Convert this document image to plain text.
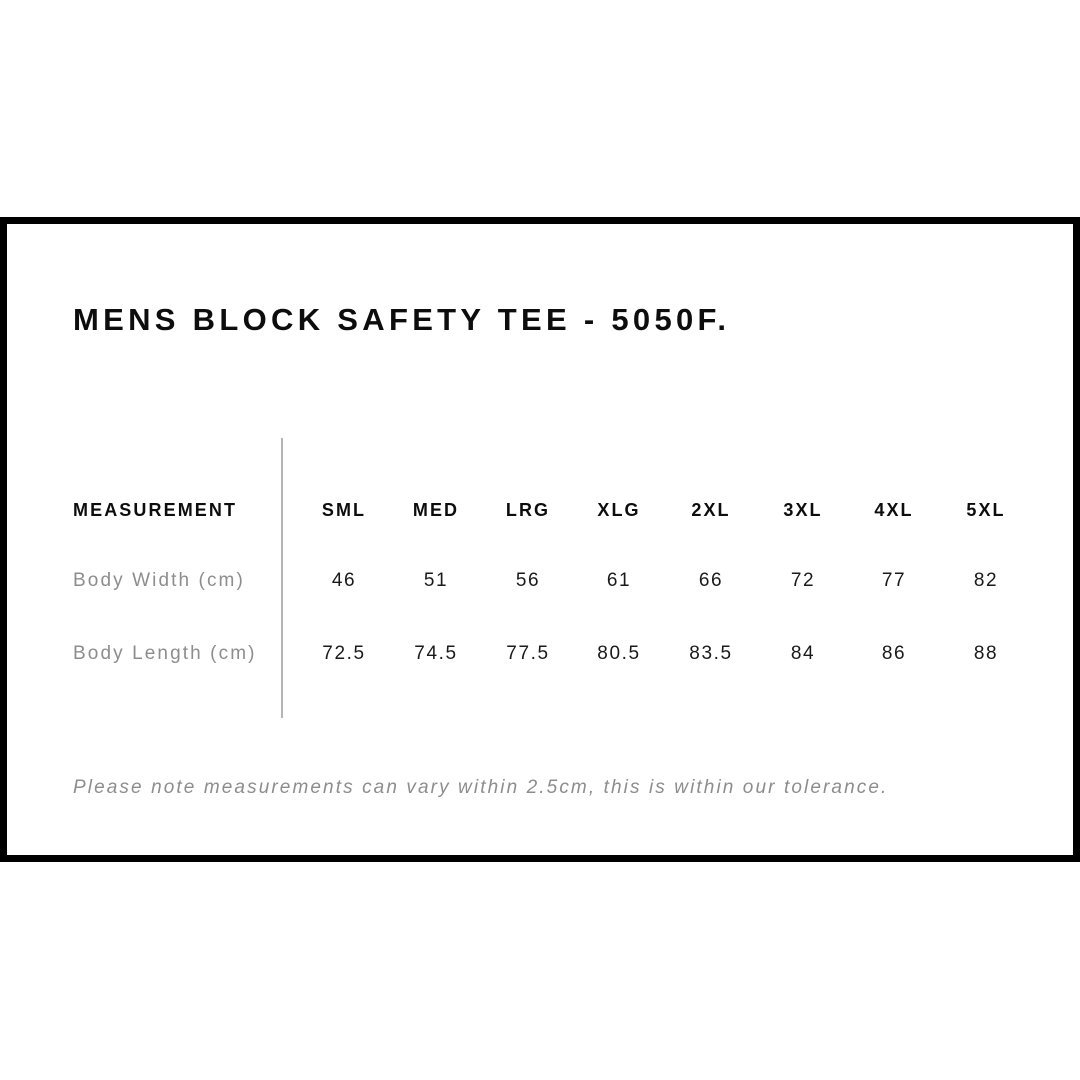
MENS BLOCK SAFETY TEE - 5050F.
MEASUREMENT	SML	MED	LRG	XLG	2XL	3XL	4XL	5XL
Body Width (cm)	46	51	56	61	66	72	77	82
Body Length (cm)	72.5	74.5	77.5	80.5	83.5	84	86	88

Please note measurements can vary within 2.5cm, this is within our tolerance.
